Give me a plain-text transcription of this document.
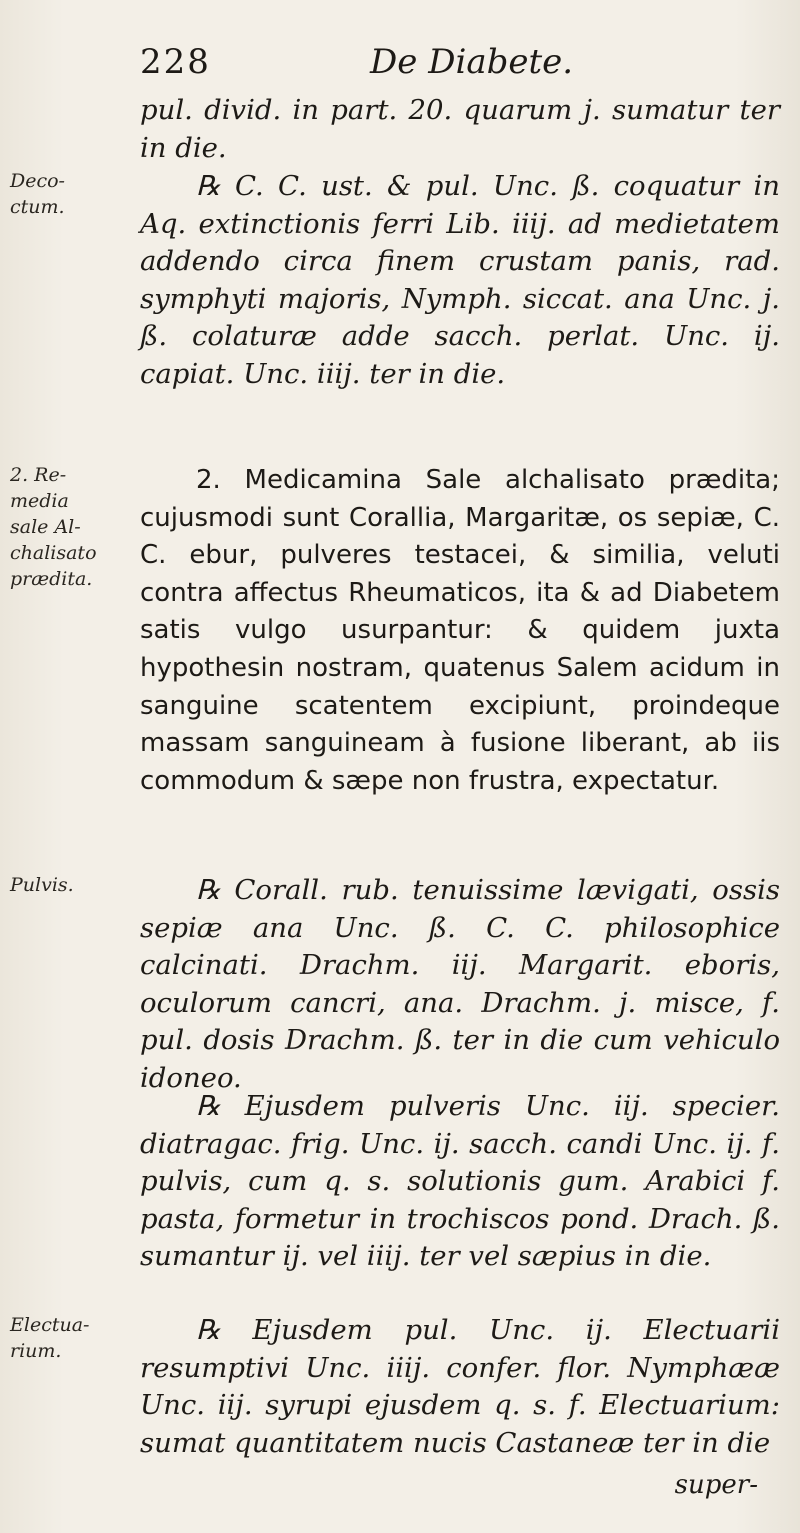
228	De Diabete.
Deco-
ctum.
2. Re-
media
sale Al-
chalisato
prædita.
Pulvis.
Electua-
rium.
pul. divid. in part. 20. quarum j. sumatur ter in die.
℞ C. C. ust. & pul. Unc. ß. coquatur in Aq. extinctionis ferri Lib. iiij. ad medietatem addendo circa finem crustam panis, rad. symphyti majoris, Nymph. siccat. ana Unc. j. ß. colaturæ adde sacch. perlat. Unc. ij. capiat. Unc. iiij. ter in die.
2. Medicamina Sale alchalisato prædita; cujusmodi sunt Corallia, Margaritæ, os sepiæ, C. C. ebur, pulveres testacei, & similia, veluti contra affectus Rheumaticos, ita & ad Diabetem satis vulgo usurpantur: & quidem juxta hypothesin nostram, quatenus Salem acidum in sanguine scatentem excipiunt, proindeque massam sanguineam à fusione liberant, ab iis commodum & sæpe non frustra, expectatur.
℞ Corall. rub. tenuissime lævigati, ossis sepiæ ana Unc. ß. C. C. philosophice calcinati. Drachm. iij. Margarit. eboris, oculorum cancri, ana. Drachm. j. misce, f. pul. dosis Drachm. ß. ter in die cum vehiculo idoneo.
℞ Ejusdem pulveris Unc. iij. specier. diatragac. frig. Unc. ij. sacch. candi Unc. ij. f. pulvis, cum q. s. solutionis gum. Arabici f. pasta, formetur in trochiscos pond. Drach. ß. sumantur ij. vel iiij. ter vel sæpius in die.
℞ Ejusdem pul. Unc. ij. Electuarii resumptivi Unc. iiij. confer. flor. Nymphææ Unc. iij. syrupi ejusdem q. s. f. Electuarium: sumat quantitatem nucis Castaneæ ter in die
super-
